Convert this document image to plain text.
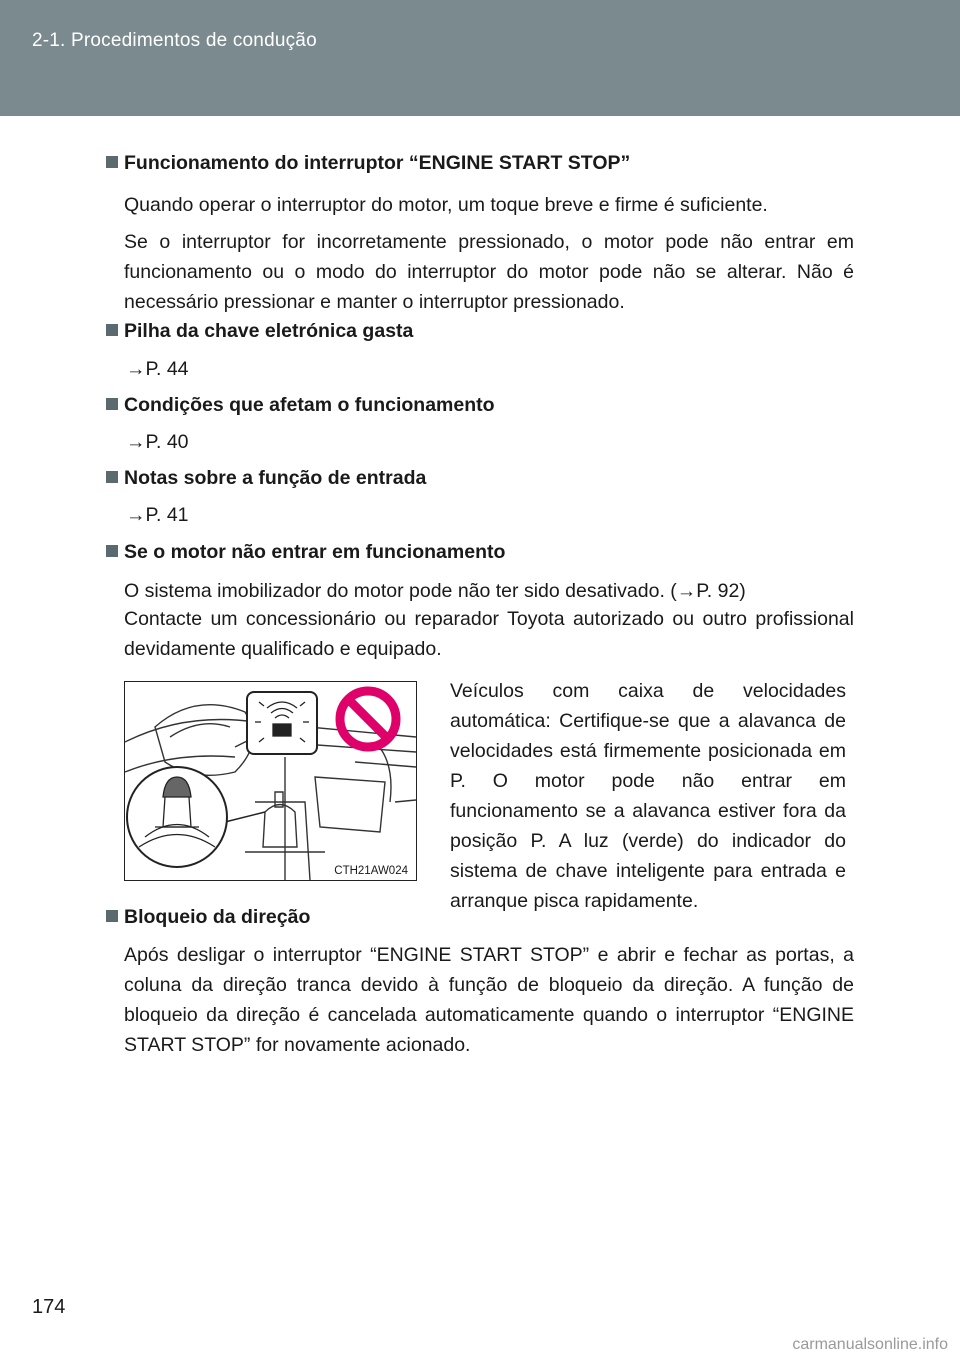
2-1. Procedimentos de condução
Funcionamento do interruptor “ENGINE START STOP”
Quando operar o interruptor do motor, um toque breve e firme é suficiente.
Se o interruptor for incorretamente pressionado, o motor pode não entrar em funcionamento ou o modo do interruptor do motor pode não se alterar. Não é necessário pressionar e manter o interruptor pressionado.
Pilha da chave eletrónica gasta
→P. 44
Condições que afetam o funcionamento
→P. 40
Notas sobre a função de entrada
→P. 41
Se o motor não entrar em funcionamento
O sistema imobilizador do motor pode não ter sido desativado. (→P. 92)
Contacte um concessionário ou reparador Toyota autorizado ou outro profissional devidamente qualificado e equipado.
CTH21AW024
Veículos com caixa de velocidades automática: Certifique-se que a alavanca de velocidades está firmemente posicionada em P. O motor pode não entrar em funcionamento se a alavanca estiver fora da posição P. A luz (verde) do indicador do sistema de chave inteligente para entrada e arranque pisca rapidamente.
Bloqueio da direção
Após desligar o interruptor “ENGINE START STOP” e abrir e fechar as portas, a coluna da direção tranca devido à função de bloqueio da direção. A função de bloqueio da direção é cancelada automaticamente quando o interruptor “ENGINE START STOP” for novamente acionado.
174
carmanualsonline.info
